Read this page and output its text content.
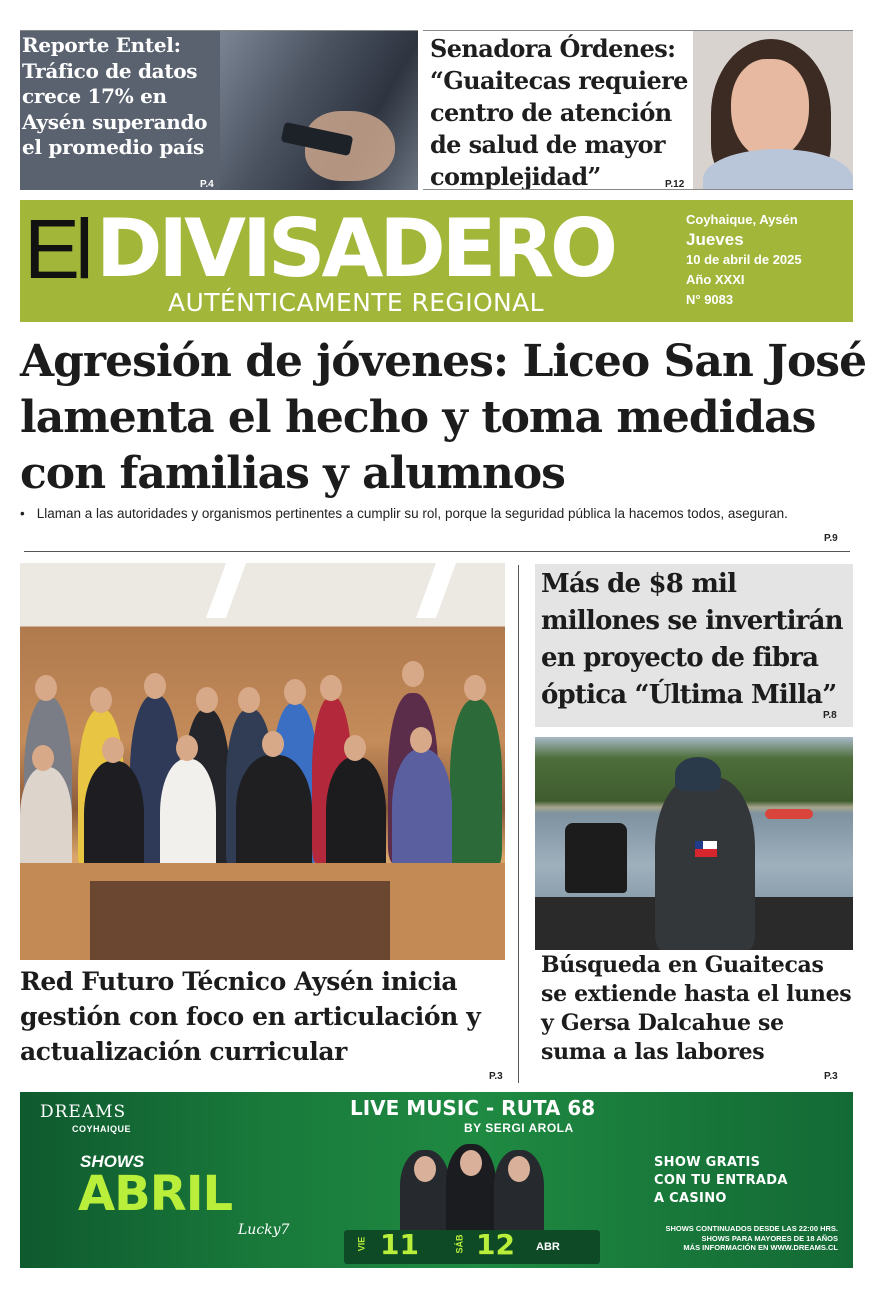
Reporte Entel: Tráfico de datos crece 17% en Aysén superando el promedio país
P.4
Senadora Órdenes: “Guaitecas requiere centro de atención de salud de mayor complejidad”	P.12
El DIVISADERO
AUTÉNTICAMENTE REGIONAL
Coyhaique, Aysén
Jueves
10 de abril de 2025
Año XXXI
N° 9083
Agresión de jóvenes: Liceo San José lamenta el hecho y toma medidas con familias y alumnos

• Llaman a las autoridades y organismos pertinentes a cumplir su rol, porque la seguridad pública la hacemos todos, aseguran.

P.9
Red Futuro Técnico Aysén inicia gestión con foco en articulación y actualización curricular
P.3
Más de $8 mil millones se invertirán en proyecto de fibra óptica “Última Milla”
P.8
Búsqueda en Guaitecas se extiende hasta el lunes y Gersa Dalcahue se suma a las labores
P.3
DREAMS
COYHAIQUE
SHOWS
ABRIL
Lucky7
LIVE MUSIC - RUTA 68
BY SERGI AROLA
VIE 11	SÁB 12 ABR
SHOW GRATIS
CON TU ENTRADA
A CASINO
SHOWS CONTINUADOS DESDE LAS 22:00 HRS.
SHOWS PARA MAYORES DE 18 AÑOS
MÁS INFORMACIÓN EN WWW.DREAMS.CL
